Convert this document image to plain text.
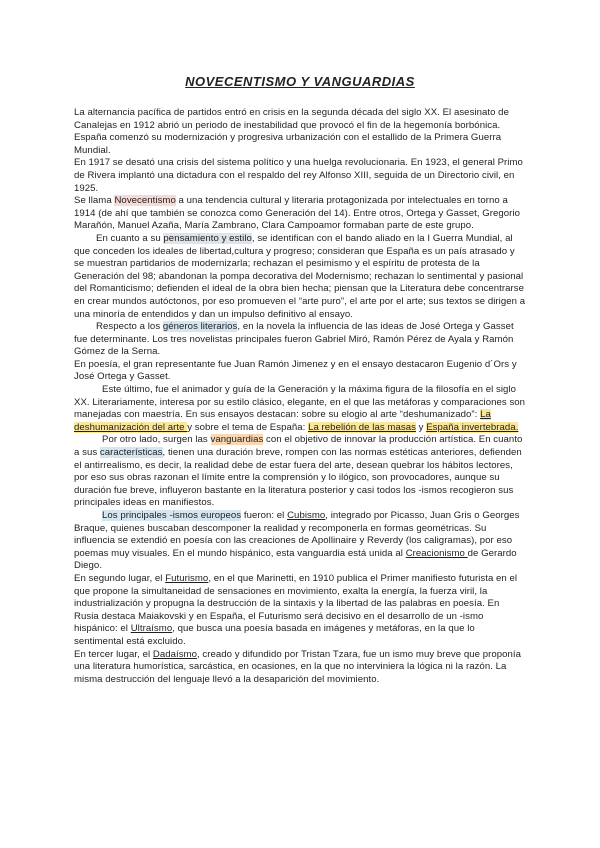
NOVECENTISMO Y VANGUARDIAS

La alternancia pacífica de partidos entró en crisis en la segunda década del siglo XX. El asesinato de Canalejas en 1912 abrió un periodo de inestabilidad que provocó el fin de la hegemonía borbónica. España comenzó su modernización y progresiva urbanización con el estallido de la Primera Guerra Mundial.

En 1917 se desató una crisis del sistema político y una huelga revolucionaria. En 1923, el general Primo de Rivera implantó una dictadura con el respaldo del rey Alfonso XIII, seguida de un Directorio civil, en 1925.

Se llama Novecentismo a una tendencia cultural y literaria protagonizada por intelectuales en torno a 1914 (de ahí que también se conozca como Generación del 14). Entre otros, Ortega y Gasset, Gregorio Marañón, Manuel Azaña, María Zambrano, Clara Campoamor formaban parte de este grupo.

En cuanto a su pensamiento y estilo, se identifican con el bando aliado en la I Guerra Mundial, al que conceden los ideales de libertad,cultura y progreso; consideran que España es un país atrasado y se muestran partidarios de modernizarla; rechazan el pesimismo y el espíritu de protesta de la Generación del 98; abandonan la pompa decorativa del Modernismo; rechazan lo sentimental y pasional del Romanticismo; defienden el ideal de la obra bien hecha; piensan que la Literatura debe concentrarse en crear mundos autóctonos, por eso promueven el “arte puro”, el arte por el arte; sus textos se dirigen a una minoría de entendidos y dan un impulso definitivo al ensayo.

Respecto a los géneros literarios, en la novela la influencia de las ideas de José Ortega y Gasset fue determinante. Los tres novelistas principales fueron Gabriel Miró, Ramón Pérez de Ayala y Ramón Gómez de la Serna.

En poesía, el gran representante fue Juan Ramón Jimenez y en el ensayo destacaron Eugenio d´Ors y José Ortega y Gasset.

Este último, fue el animador y guía de la Generación y la máxima figura de la filosofía en el siglo XX. Literariamente, interesa por su estilo clásico, elegante, en el que las metáforas y comparaciones son manejadas con maestría. En sus ensayos destacan: sobre su elogio al arte “deshumanizado”: La deshumanización del arte y sobre el tema de España: La rebelión de las masas y España invertebrada.

Por otro lado, surgen las vanguardias con el objetivo de innovar la producción artística. En cuanto a sus características, tienen una duración breve, rompen con las normas estéticas anteriores, defienden el antirrealismo, es decir, la realidad debe de estar fuera del arte, desean quebrar los hábitos lectores, por eso sus obras razonan el límite entre la comprensión y lo ilógico, son provocadores, aunque su duración fue breve, influyeron bastante en la literatura posterior y casi todos los -ismos recogieron sus principales ideas en manifiestos.

Los principales -ismos europeos fueron: el Cubismo, integrado por Picasso, Juan Gris o Georges Braque, quienes buscaban descomponer la realidad y recomponerla en formas geométricas. Su influencia se extendió en poesía con las creaciones de Apollinaire y Reverdy (los caligramas), por eso poemas muy visuales. En el mundo hispánico, esta vanguardia está unida al Creacionismo de Gerardo Diego.

En segundo lugar, el Futurismo, en el que Marinetti, en 1910 publica el Primer manifiesto futurista en el que propone la simultaneidad de sensaciones en movimiento, exalta la energía, la fuerza viril, la industrialización y propugna la destrucción de la sintaxis y la libertad de las palabras en poesía. En Rusia destaca Maiakovski y en España, el Futurismo será decisivo en el desarrollo de un -ismo hispánico: el Ultraísmo, que busca una poesía basada en imágenes y metáforas, en la que lo sentimental está excluido.

En tercer lugar, el Dadaísmo, creado y difundido por Tristan Tzara, fue un ismo muy breve que proponía una literatura humorística, sarcástica, en ocasiones, en la que no interviniera la lógica ni la razón. La misma destrucción del lenguaje llevó a la desaparición del movimiento.
